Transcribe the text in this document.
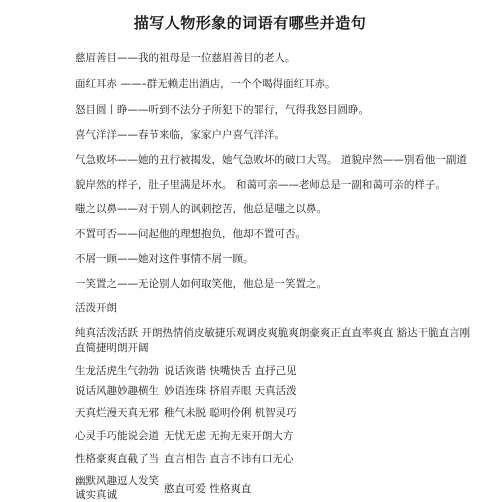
描写人物形象的词语有哪些并造句
慈眉善目——我的祖母是一位慈眉善目的老人。
面红耳赤 ——–群无赖走出酒店，一个个喝得面红耳赤。
怒目圆丨睁——听到不法分子所犯下的罪行，气得我怒目圆睁。
喜气洋洋——春节来临，家家户户喜气洋洋。
气急败坏——她的丑行被揭发，她气急败坏的破口大骂。 道貌岸然——别看他一副道
貌岸然的样子，肚子里满是坏水。 和蔼可亲——老师总是一副和蔼可亲的样子。
嗤之以鼻——对于别人的讽刺挖苦，他总是嗤之以鼻。
不置可否——问起他的理想抱负，他却不置可否。
不屑一顾——她对这件事情不屑一顾。
一笑置之——无论别人如何取笑他，他总是一笑置之。
活泼开朗
纯真活泼活跃 开朗热情俏皮敏捷乐观调皮爽脆爽朗豪爽正直直率爽直 豁达干脆直言刚
直简捷明朗开阔
生龙活虎生气勃勃 说话诙谐 快嘴快舌 直抒己见
说话风趣妙趣横生 妙语连珠 挤眉弄眼 天真活泼
天真烂漫天真无邪 稚气未脱 聪明伶俐 机智灵巧
心灵手巧能说会道 无忧无虑 无拘无束开朗大方
性格豪爽直截了当 直言相告 直言不讳有口无心
幽默风趣逗人发笑憨直可爱 性格爽直
诚实真诚
